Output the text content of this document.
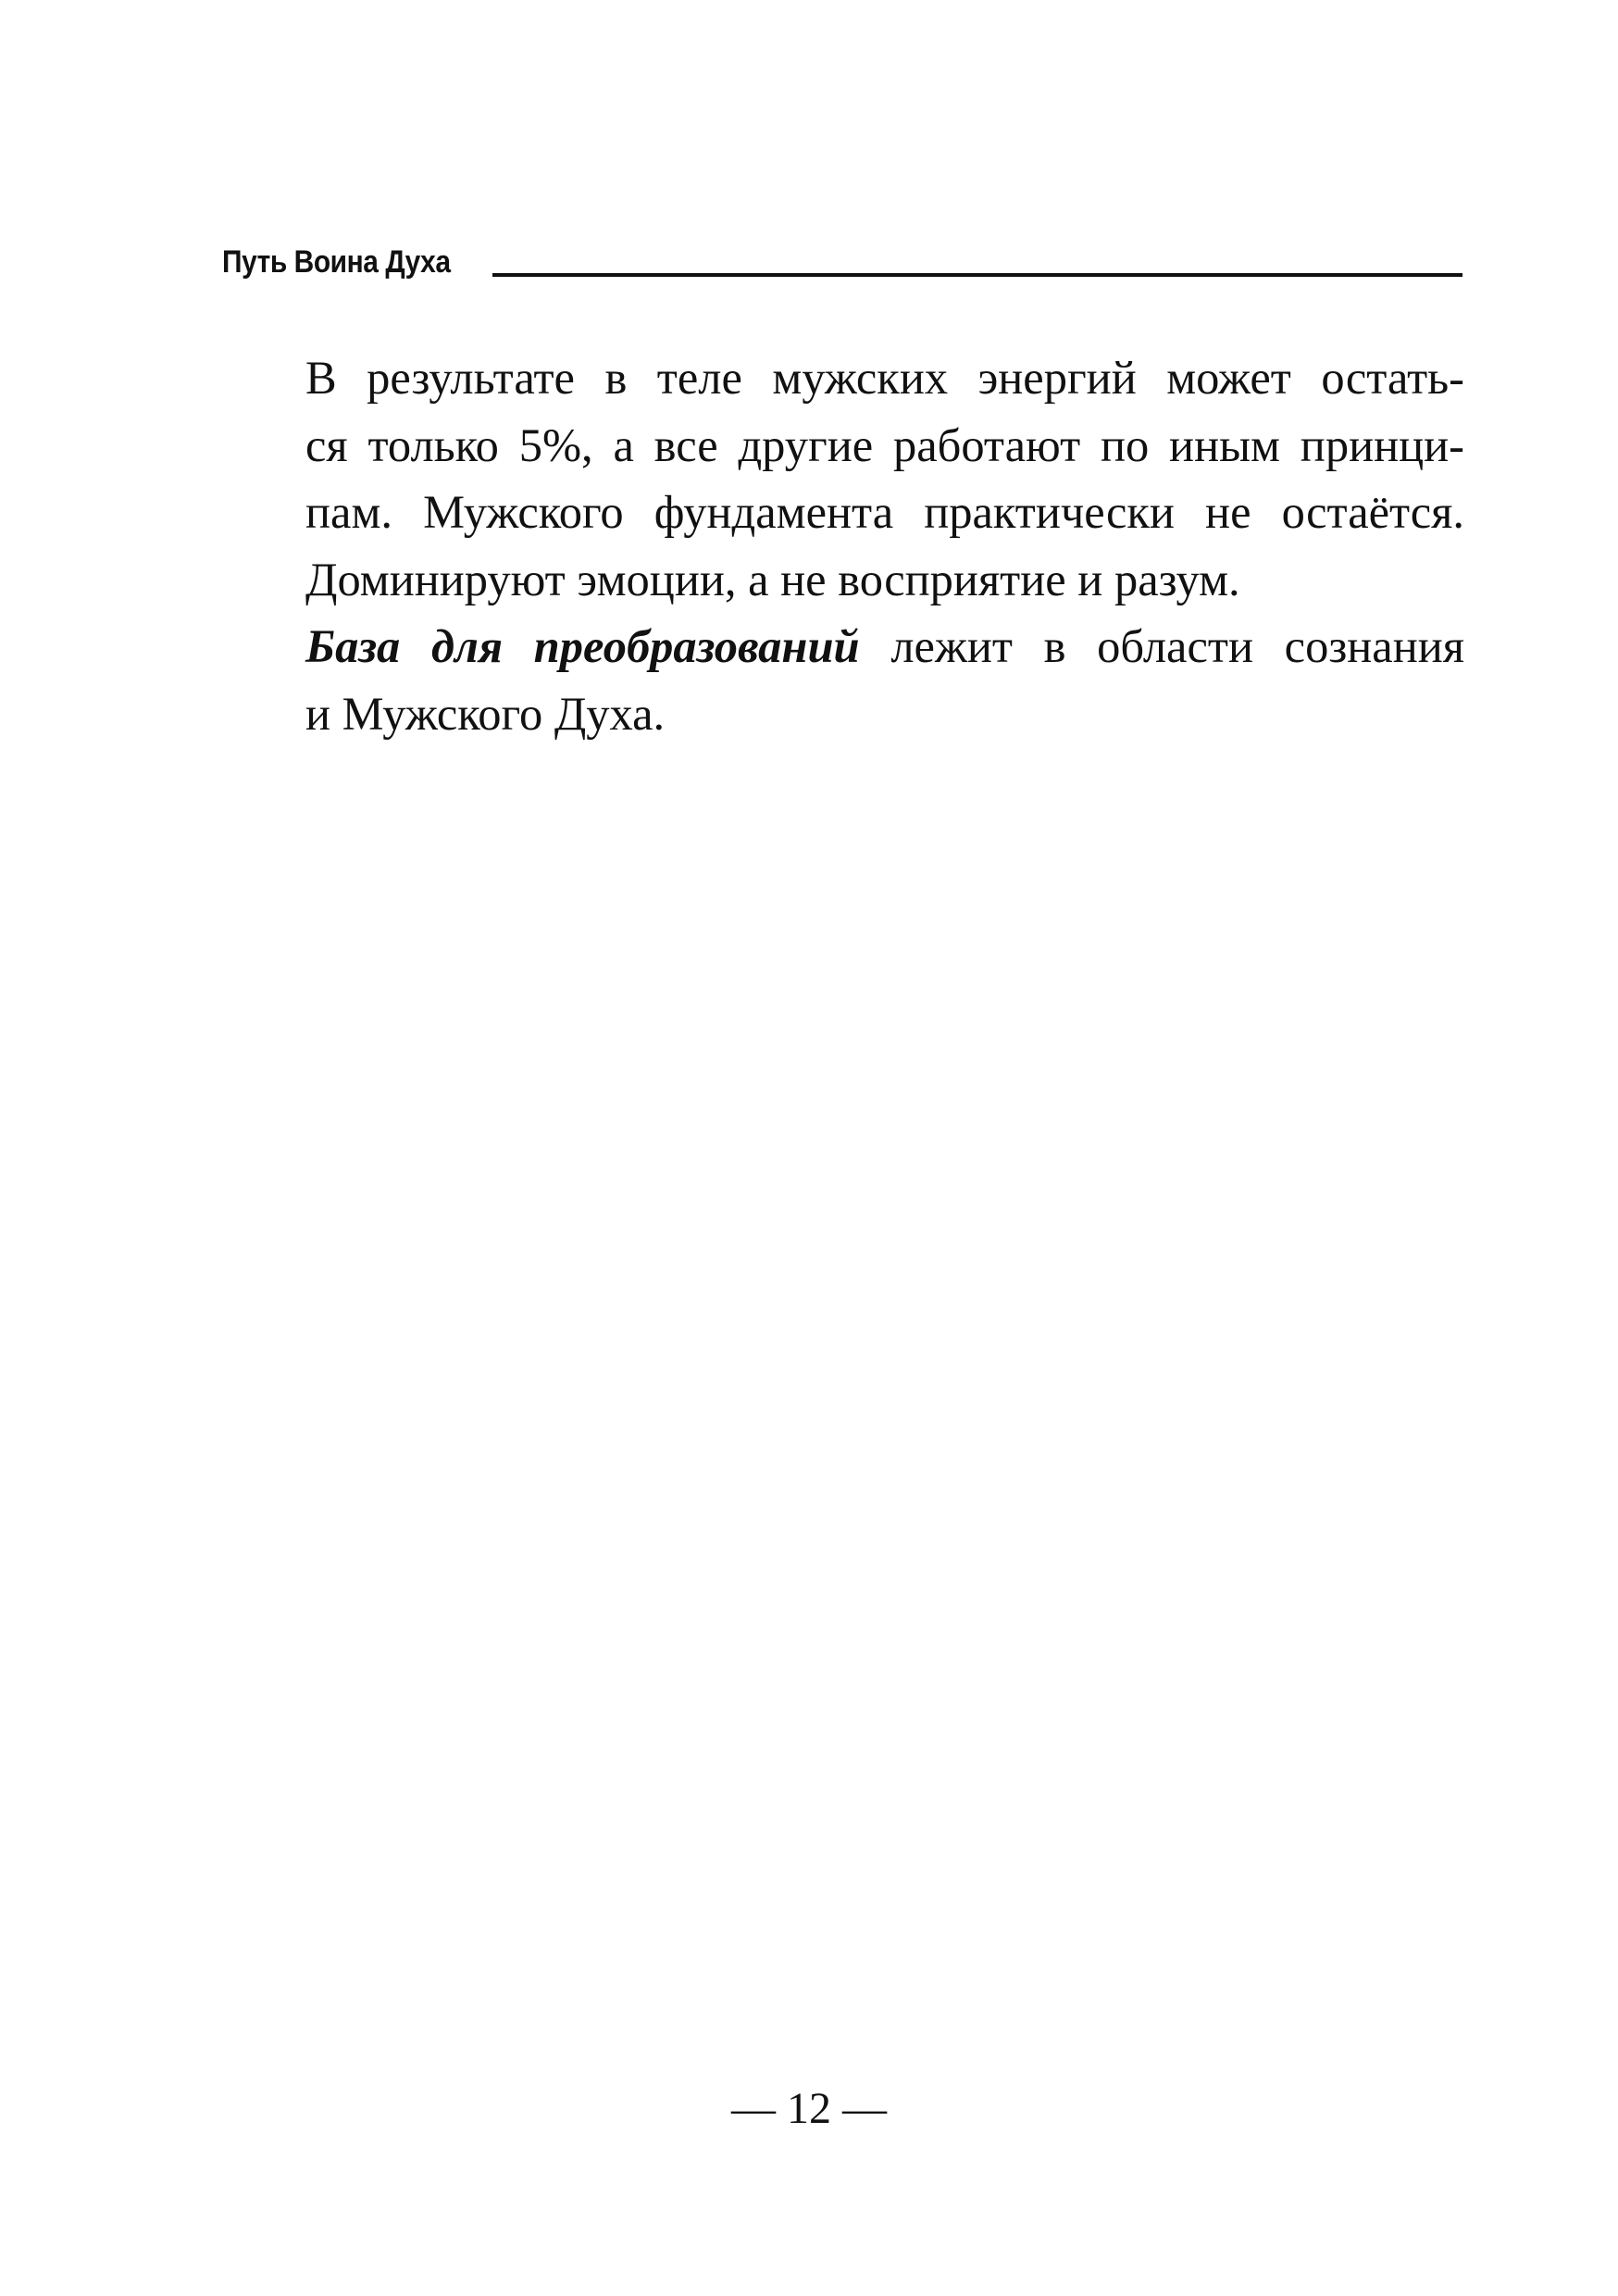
Путь Воина Духа

В результате в теле мужских энергий может остать-
ся только 5%, а все другие работают по иным принци-
пам. Мужского фундамента практически не остаётся.
Доминируют эмоции, а не восприятие и разум.

База для преобразований лежит в области сознания
и Мужского Духа.

— 12 —
